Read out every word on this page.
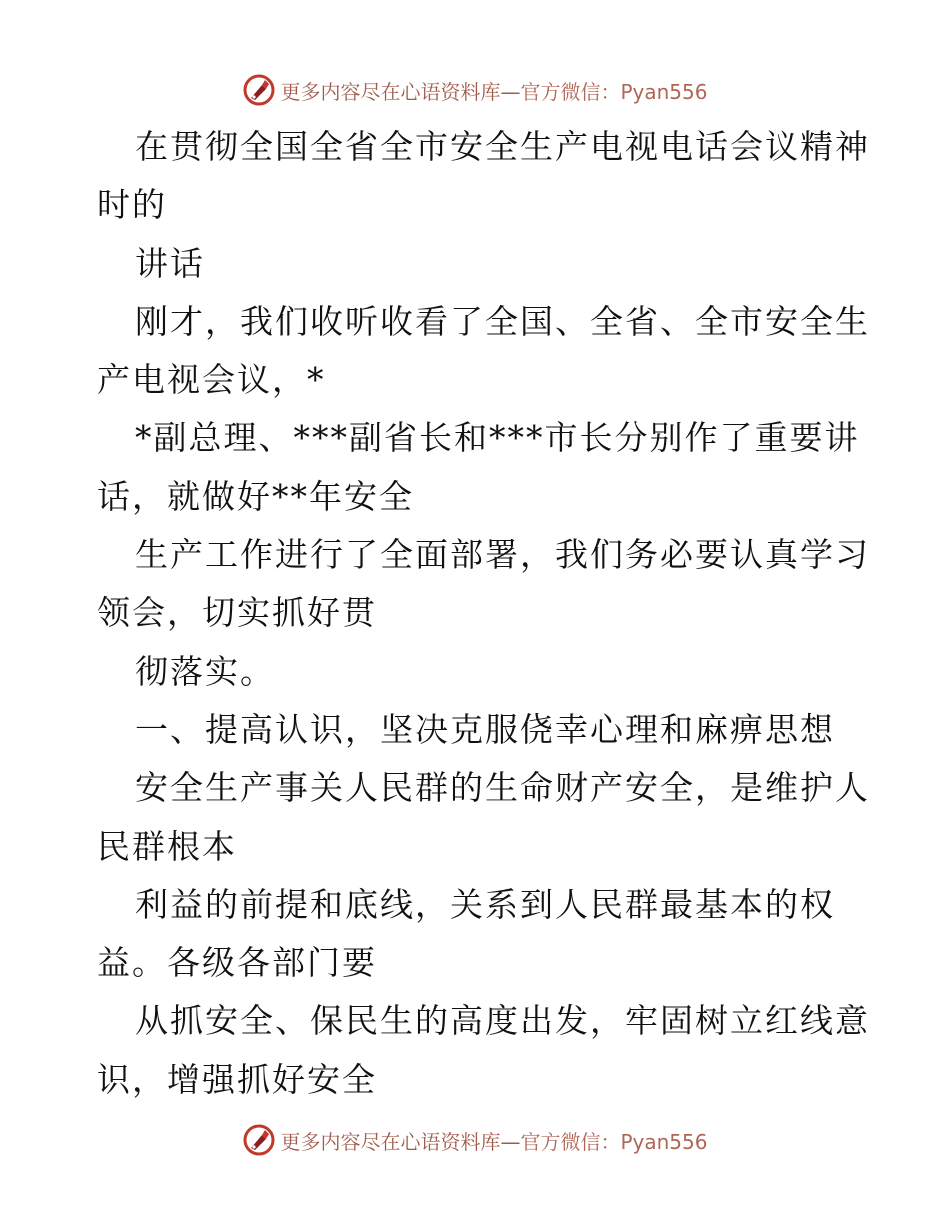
更多内容尽在心语资料库—官方微信：Pyan556
在贯彻全国全省全市安全生产电视电话会议精神
时的
讲话
刚才，我们收听收看了全国、全省、全市安全生
产电视会议，*
*副总理、***副省长和***市长分别作了重要讲
话，就做好**年安全
生产工作进行了全面部署，我们务必要认真学习
领会，切实抓好贯
彻落实。
一、提高认识，坚决克服侥幸心理和麻痹思想
安全生产事关人民群的生命财产安全，是维护人
民群根本
利益的前提和底线，关系到人民群最基本的权
益。各级各部门要
从抓安全、保民生的高度出发，牢固树立红线意
识，增强抓好安全
更多内容尽在心语资料库—官方微信：Pyan556
